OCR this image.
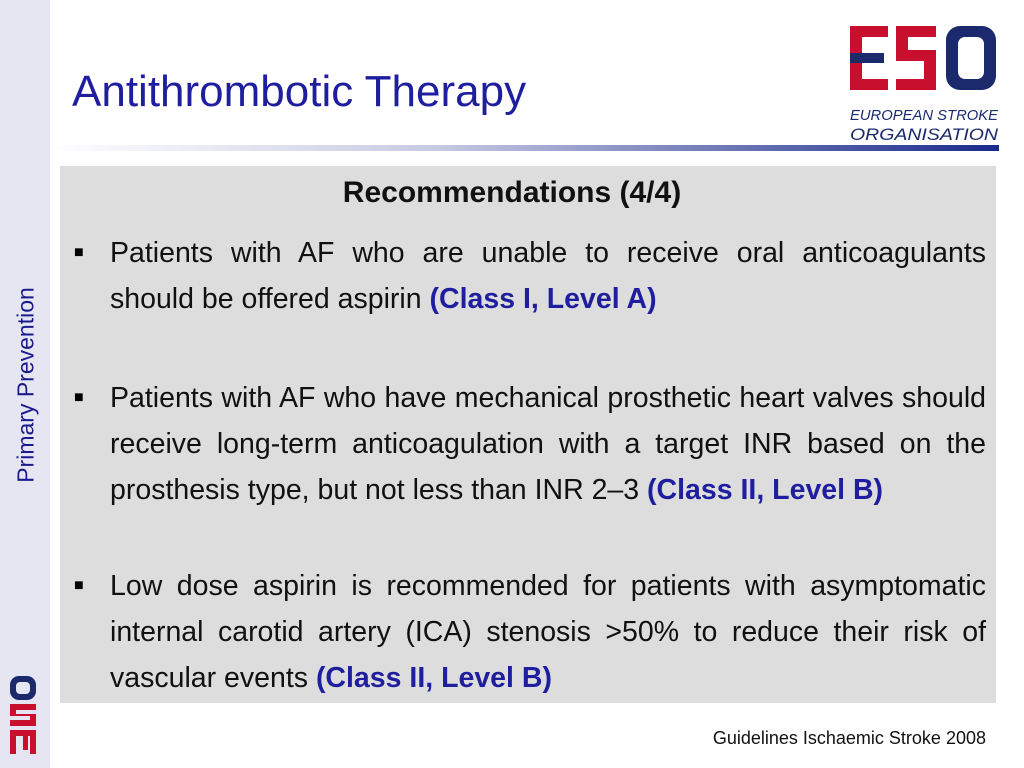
Primary Prevention
Antithrombotic Therapy	EUROPEAN STROKE
ORGANISATION
Recommendations (4/4)
■ Patients with AF who are unable to receive oral anticoagulants should be offered aspirin (Class I, Level A)
■ Patients with AF who have mechanical prosthetic heart valves should receive long-term anticoagulation with a target INR based on the prosthesis type, but not less than INR 2–3 (Class II, Level B)
■ Low dose aspirin is recommended for patients with asymptomatic internal carotid artery (ICA) stenosis >50% to reduce their risk of vascular events (Class II, Level B)
Guidelines Ischaemic Stroke 2008
